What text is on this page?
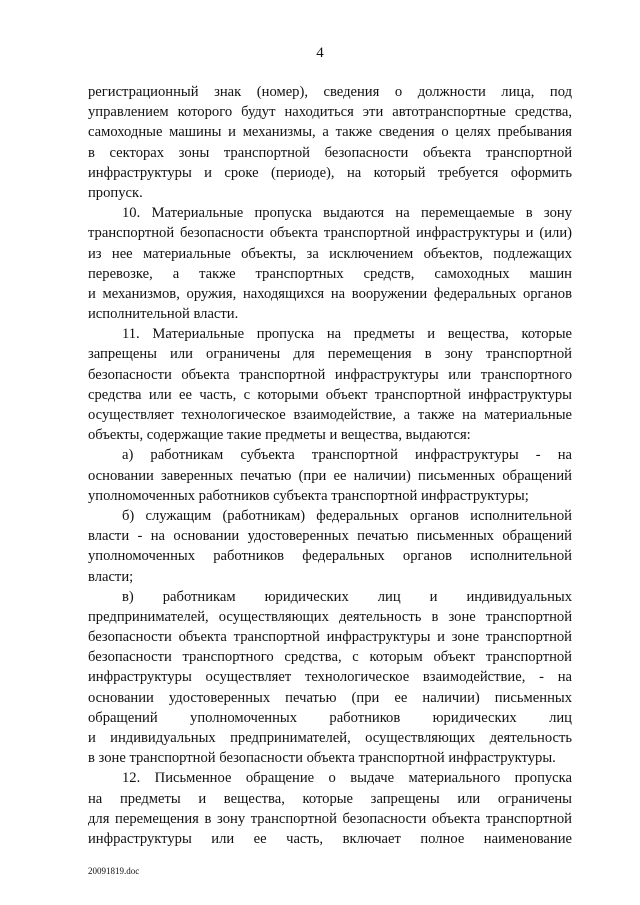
4
регистрационный знак (номер), сведения о должности лица, под
управлением которого будут находиться эти автотранспортные средства,
самоходные машины и механизмы, а также сведения о целях пребывания
в секторах зоны транспортной безопасности объекта транспортной
инфраструктуры и сроке (периоде), на который требуется оформить
пропуск.
10. Материальные пропуска выдаются на перемещаемые в зону
транспортной безопасности объекта транспортной инфраструктуры и (или)
из нее материальные объекты, за исключением объектов, подлежащих
перевозке, а также транспортных средств, самоходных машин
и механизмов, оружия, находящихся на вооружении федеральных органов
исполнительной власти.
11. Материальные пропуска на предметы и вещества, которые
запрещены или ограничены для перемещения в зону транспортной
безопасности объекта транспортной инфраструктуры или транспортного
средства или ее часть, с которыми объект транспортной инфраструктуры
осуществляет технологическое взаимодействие, а также на материальные
объекты, содержащие такие предметы и вещества, выдаются:
а) работникам субъекта транспортной инфраструктуры - на
основании заверенных печатью (при ее наличии) письменных обращений
уполномоченных работников субъекта транспортной инфраструктуры;
б) служащим (работникам) федеральных органов исполнительной
власти - на основании удостоверенных печатью письменных обращений
уполномоченных работников федеральных органов исполнительной
власти;
в) работникам юридических лиц и индивидуальных
предпринимателей, осуществляющих деятельность в зоне транспортной
безопасности объекта транспортной инфраструктуры и зоне транспортной
безопасности транспортного средства, с которым объект транспортной
инфраструктуры осуществляет технологическое взаимодействие, - на
основании удостоверенных печатью (при ее наличии) письменных
обращений уполномоченных работников юридических лиц
и индивидуальных предпринимателей, осуществляющих деятельность
в зоне транспортной безопасности объекта транспортной инфраструктуры.
12. Письменное обращение о выдаче материального пропуска
на предметы и вещества, которые запрещены или ограничены
для перемещения в зону транспортной безопасности объекта транспортной
инфраструктуры или ее часть, включает полное наименование
20091819.doc
